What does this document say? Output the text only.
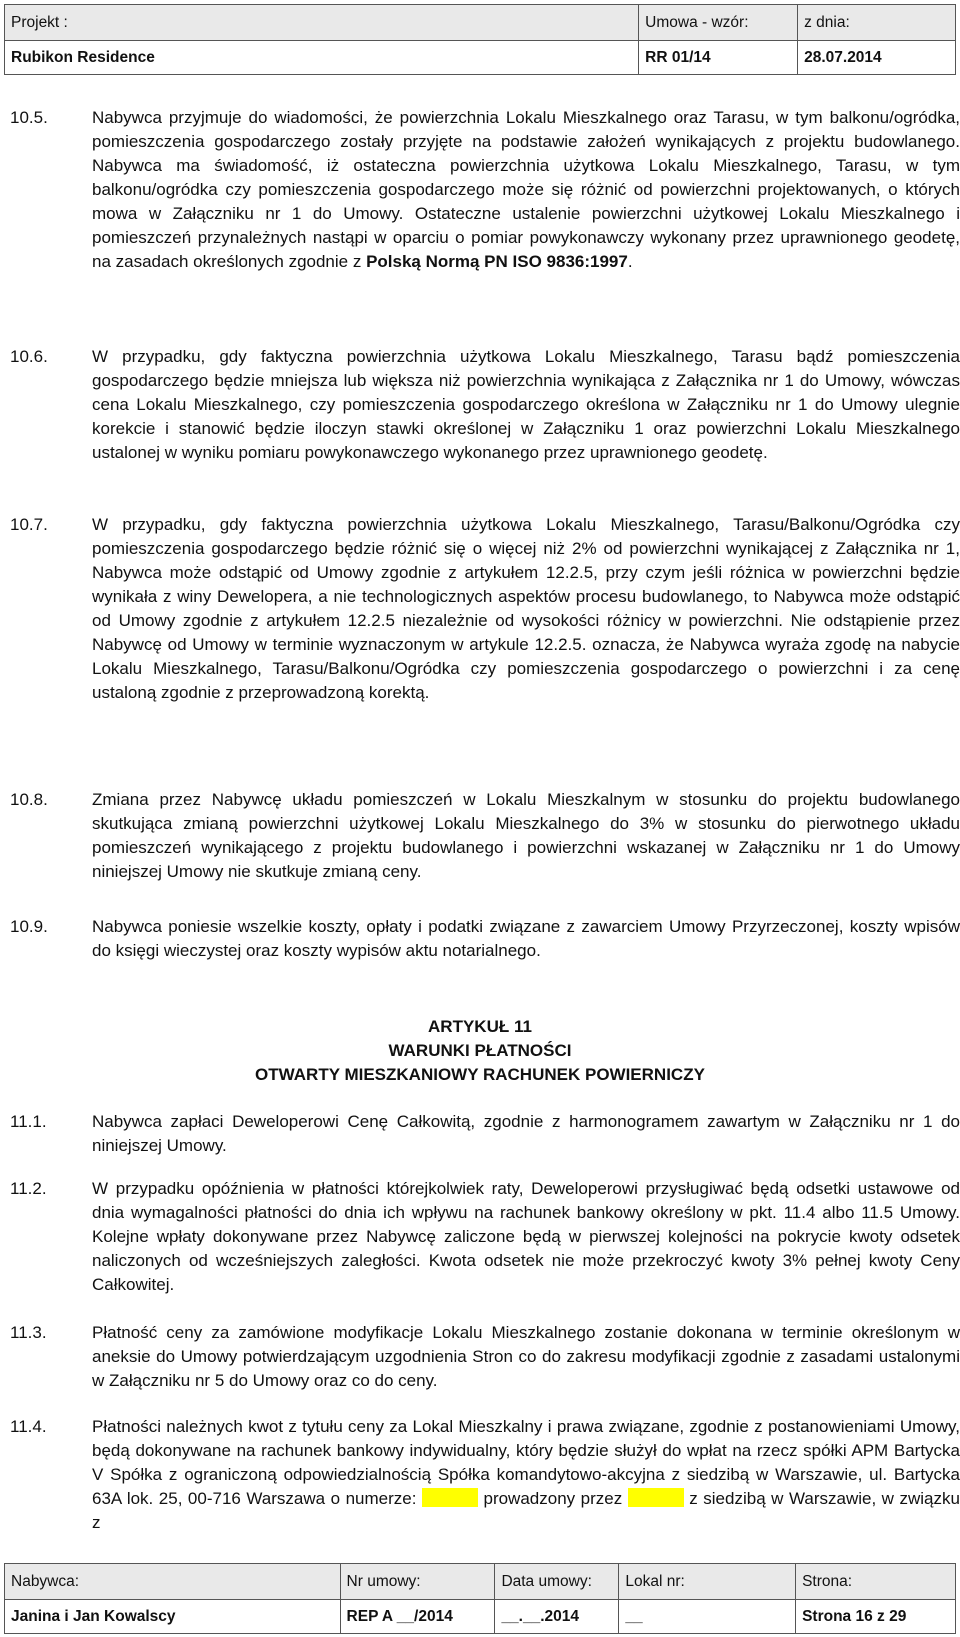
Projekt :	Umowa - wzór:	z dnia:
Rubikon Residence	RR 01/14	28.07.2014
10.5.	Nabywca przyjmuje do wiadomości, że powierzchnia Lokalu Mieszkalnego oraz Tarasu, w tym balkonu/ogródka, pomieszczenia gospodarczego zostały przyjęte na podstawie założeń wynikających z projektu budowlanego. Nabywca ma świadomość, iż ostateczna powierzchnia użytkowa Lokalu Mieszkalnego, Tarasu, w tym balkonu/ogródka czy pomieszczenia gospodarczego może się różnić od powierzchni projektowanych, o których mowa w Załączniku nr 1 do Umowy. Ostateczne ustalenie powierzchni użytkowej Lokalu Mieszkalnego i pomieszczeń przynależnych nastąpi w oparciu o pomiar powykonawczy wykonany przez uprawnionego geodetę, na zasadach określonych zgodnie z Polską Normą PN ISO 9836:1997.
10.6.	W przypadku, gdy faktyczna powierzchnia użytkowa Lokalu Mieszkalnego, Tarasu bądź pomieszczenia gospodarczego będzie mniejsza lub większa niż powierzchnia wynikająca z Załącznika nr 1 do Umowy, wówczas cena Lokalu Mieszkalnego, czy pomieszczenia gospodarczego określona w Załączniku nr 1 do Umowy ulegnie korekcie i stanowić będzie iloczyn stawki określonej w Załączniku 1 oraz powierzchni Lokalu Mieszkalnego ustalonej w wyniku pomiaru powykonawczego wykonanego przez uprawnionego geodetę.
10.7.	W przypadku, gdy faktyczna powierzchnia użytkowa Lokalu Mieszkalnego, Tarasu/Balkonu/Ogródka czy pomieszczenia gospodarczego będzie różnić się o więcej niż 2% od powierzchni wynikającej z Załącznika nr 1, Nabywca może odstąpić od Umowy zgodnie z artykułem 12.2.5, przy czym jeśli różnica w powierzchni będzie wynikała z winy Dewelopera, a nie technologicznych aspektów procesu budowlanego, to Nabywca może odstąpić od Umowy zgodnie z artykułem 12.2.5 niezależnie od wysokości różnicy w powierzchni. Nie odstąpienie przez Nabywcę od Umowy w terminie wyznaczonym w artykule 12.2.5. oznacza, że Nabywca wyraża zgodę na nabycie Lokalu Mieszkalnego, Tarasu/Balkonu/Ogródka czy pomieszczenia gospodarczego o powierzchni i za cenę ustaloną zgodnie z przeprowadzoną korektą.
10.8.	Zmiana przez Nabywcę układu pomieszczeń w Lokalu Mieszkalnym w stosunku do projektu budowlanego skutkująca zmianą powierzchni użytkowej Lokalu Mieszkalnego do 3% w stosunku do pierwotnego układu pomieszczeń wynikającego z projektu budowlanego i powierzchni wskazanej w Załączniku nr 1 do Umowy niniejszej Umowy nie skutkuje zmianą ceny.
10.9.	Nabywca poniesie wszelkie koszty, opłaty i podatki związane z zawarciem Umowy Przyrzeczonej, koszty wpisów do księgi wieczystej oraz koszty wypisów aktu notarialnego.
ARTYKUŁ 11
WARUNKI PŁATNOŚCI
OTWARTY MIESZKANIOWY RACHUNEK POWIERNICZY
11.1.	Nabywca zapłaci Deweloperowi Cenę Całkowitą, zgodnie z harmonogramem zawartym w Załączniku nr 1 do niniejszej Umowy.
11.2.	W przypadku opóźnienia w płatności którejkolwiek raty, Deweloperowi przysługiwać będą odsetki ustawowe od dnia wymagalności płatności do dnia ich wpływu na rachunek bankowy określony w pkt. 11.4 albo 11.5 Umowy. Kolejne wpłaty dokonywane przez Nabywcę zaliczone będą w pierwszej kolejności na pokrycie kwoty odsetek naliczonych od wcześniejszych zaległości. Kwota odsetek nie może przekroczyć kwoty 3% pełnej kwoty Ceny Całkowitej.
11.3.	Płatność ceny za zamówione modyfikacje Lokalu Mieszkalnego zostanie dokonana w terminie określonym w aneksie do Umowy potwierdzającym uzgodnienia Stron co do zakresu modyfikacji zgodnie z zasadami ustalonymi w Załączniku nr 5 do Umowy oraz co do ceny.
11.4.	Płatności należnych kwot z tytułu ceny za Lokal Mieszkalny i prawa związane, zgodnie z postanowieniami Umowy, będą dokonywane na rachunek bankowy indywidualny, który będzie służył do wpłat na rzecz spółki APM Bartycka V Spółka z ograniczoną odpowiedzialnością Spółka komandytowo-akcyjna z siedzibą w Warszawie, ul. Bartycka 63A lok. 25, 00-716 Warszawa o numerze:	prowadzony przez	z siedzibą w Warszawie, w związku z
Nabywca:	Nr umowy:	Data umowy:	Lokal nr:	Strona:
Janina i Jan Kowalscy	REP A __/2014	__.__.2014	__	Strona 16 z 29
